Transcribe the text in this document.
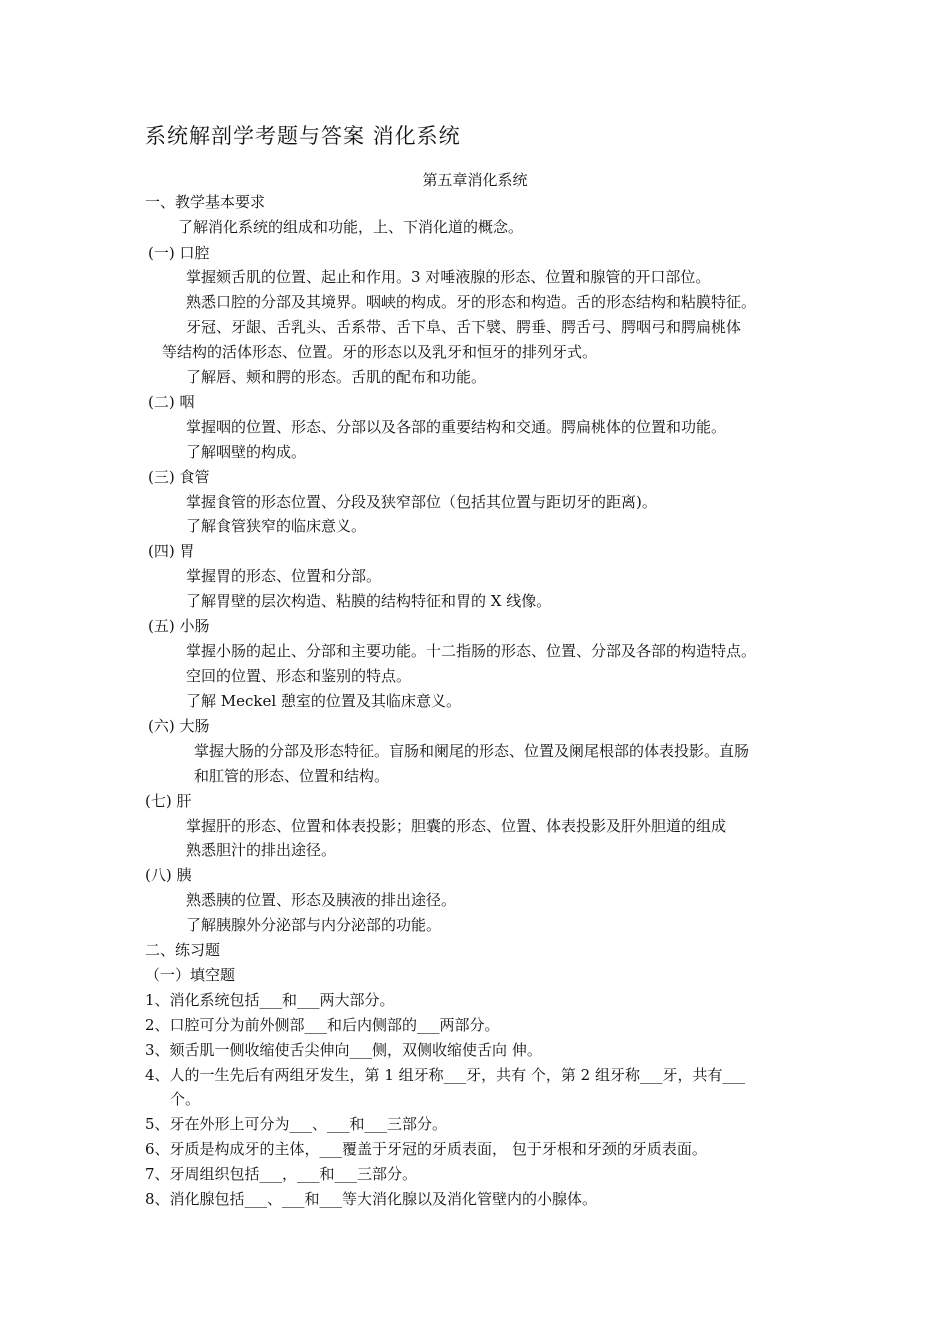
系统解剖学考题与答案 消化系统
第五章消化系统
一、教学基本要求
了解消化系统的组成和功能，上、下消化道的概念。
(一) 口腔
掌握颏舌肌的位置、起止和作用。3 对唾液腺的形态、位置和腺管的开口部位。
熟悉口腔的分部及其境界。咽峡的构成。牙的形态和构造。舌的形态结构和粘膜特征。
牙冠、牙龈、舌乳头、舌系带、舌下阜、舌下襞、腭垂、腭舌弓、腭咽弓和腭扁桃体
等结构的活体形态、位置。牙的形态以及乳牙和恒牙的排列牙式。
了解唇、颊和腭的形态。舌肌的配布和功能。
(二) 咽
掌握咽的位置、形态、分部以及各部的重要结构和交通。腭扁桃体的位置和功能。
了解咽壁的构成。
(三) 食管
掌握食管的形态位置、分段及狭窄部位（包括其位置与距切牙的距离)。
了解食管狭窄的临床意义。
(四) 胃
掌握胃的形态、位置和分部。
了解胃壁的层次构造、粘膜的结构特征和胃的 X 线像。
(五) 小肠
掌握小肠的起止、分部和主要功能。十二指肠的形态、位置、分部及各部的构造特点。
空回的位置、形态和鉴别的特点。
了解 Meckel 憩室的位置及其临床意义。
(六) 大肠
掌握大肠的分部及形态特征。盲肠和阑尾的形态、位置及阑尾根部的体表投影。直肠
和肛管的形态、位置和结构。
(七) 肝
掌握肝的形态、位置和体表投影；胆囊的形态、位置、体表投影及肝外胆道的组成
熟悉胆汁的排出途径。
(八) 胰
熟悉胰的位置、形态及胰液的排出途径。
了解胰腺外分泌部与内分泌部的功能。
二、练习题
（一）填空题
1、消化系统包括___和___两大部分。
2、口腔可分为前外侧部___和后内侧部的___两部分。
3、颏舌肌一侧收缩使舌尖伸向___侧，双侧收缩使舌向 伸。
4、人的一生先后有两组牙发生，第 1 组牙称___牙，共有 个，第 2 组牙称___牙，共有___
个。
5、牙在外形上可分为___、___和___三部分。
6、牙质是构成牙的主体，___覆盖于牙冠的牙质表面， 包于牙根和牙颈的牙质表面。
7、牙周组织包括___，___和___三部分。
8、消化腺包括___、___和___等大消化腺以及消化管壁内的小腺体。
